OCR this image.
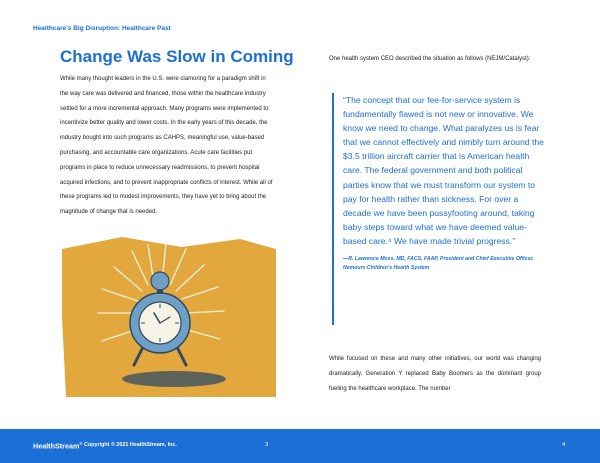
Healthcare's Big Disruption: Healthcare Past
Change Was Slow in Coming

While many thought leaders in the U.S. were clamoring for a paradigm shift in the way care was delivered and financed, those within the healthcare industry settled for a more incremental approach. Many programs were implemented to incentivize better quality and lower costs. In the early years of this decade, the industry bought into such programs as CAHPS, meaningful use, value-based purchasing, and accountable care organizations. Acute care facilities put programs in place to reduce unnecessary readmissions, to prevent hospital acquired infections, and to prevent inappropriate conflicts of interest. While all of these programs led to modest improvements, they have yet to bring about the magnitude of change that is needed.

One health system CEO described the situation as follows (NEJM/Catalyst):

“The concept that our fee-for-service system is fundamentally flawed is not new or innovative. We know we need to change. What paralyzes us is fear that we cannot effectively and nimbly turn around the $3.5 trillion aircraft carrier that is American health care. The federal government and both political parties know that we must transform our system to pay for health rather than sickness. For over a decade we have been pussyfooting around, taking baby steps toward what we have deemed value-based care.⁴ We have made trivial progress.”

—R. Lawrence Moss, MD, FACS, FAAP, President and Chief Executive Officer, Nemours Children's Health System

While focused on these and many other initiatives, our world was changing dramatically. Generation Y replaced Baby Boomers as the dominant group fueling the healthcare workplace. The number

HealthStream® Copyright © 2021 HealthStream, Inc.	3	4
